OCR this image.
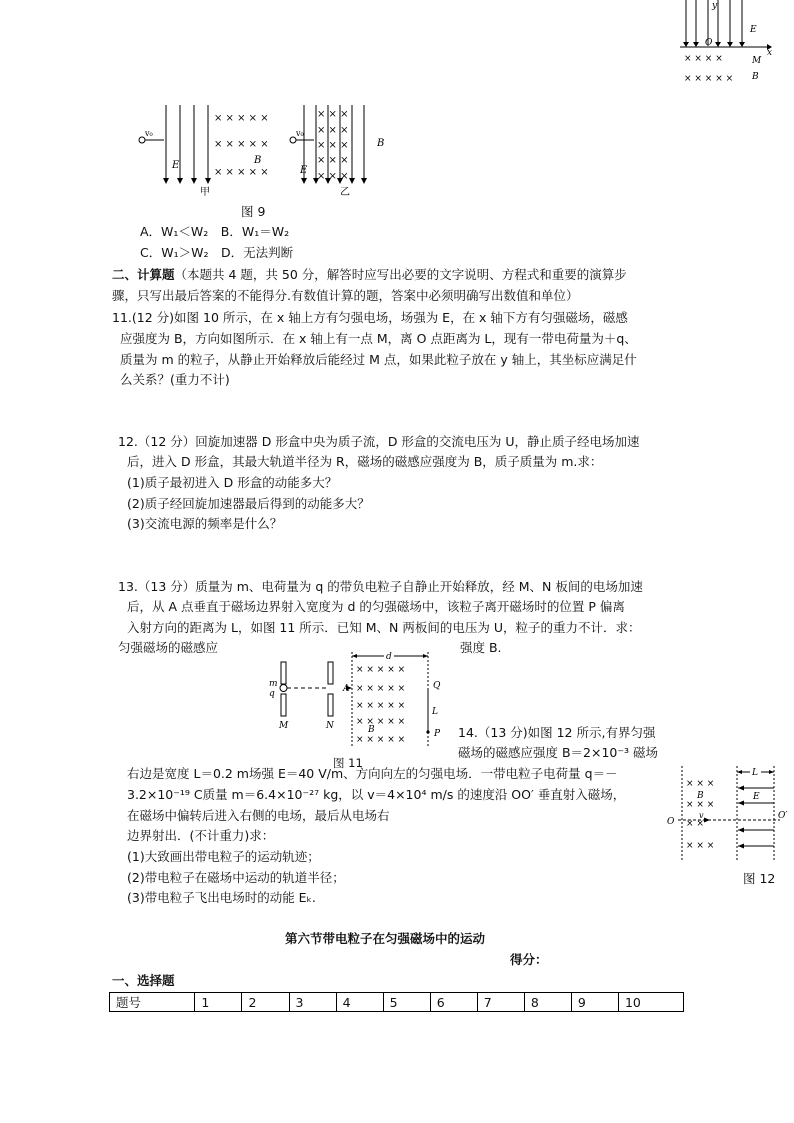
y
E
O
x
M
B
× × × ×
× × × × ×
v₀
E
× × × × ×
× × × × ×
B
× × × × ×
甲
v₀
× × ×
× × ×
× × ×	B
× × ×
E
× × ×
乙
图 9
A．W₁＜W₂　B．W₁＝W₂
C．W₁＞W₂　D．无法判断
二、计算题（本题共 4 题，共 50 分，解答时应写出必要的文字说明、方程式和重要的演算步
骤，只写出最后答案的不能得分.有数值计算的题，答案中必须明确写出数值和单位）
11.(12 分)如图 10 所示，在 x 轴上方有匀强电场，场强为 E，在 x 轴下方有匀强磁场，磁感
应强度为 B，方向如图所示．在 x 轴上有一点 M，离 O 点距离为 L，现有一带电荷量为＋q、
质量为 m 的粒子，从静止开始释放后能经过 M 点，如果此粒子放在 y 轴上，其坐标应满足什
么关系？(重力不计)
12.（12 分）回旋加速器 D 形盒中央为质子流，D 形盒的交流电压为 U，静止质子经电场加速
后，进入 D 形盒，其最大轨道半径为 R，磁场的磁感应强度为 B，质子质量为 m.求：
(1)质子最初进入 D 形盒的动能多大？
(2)质子经回旋加速器最后得到的动能多大？
(3)交流电源的频率是什么？
13.（13 分）质量为 m、电荷量为 q 的带负电粒子自静止开始释放，经 M、N 板间的电场加速
后，从 A 点垂直于磁场边界射入宽度为 d 的匀强磁场中，该粒子离开磁场时的位置 P 偏离
入射方向的距离为 L，如图 11 所示．已知 M、N 两板间的电压为 U，粒子的重力不计．求：
匀强磁场的磁感应	强度 B.
m
q
M	N
A
d
Q
L
B	P
× × × × ×
× × × × ×
× × × × ×
× × × × ×
× × × × ×
图 11
14.（13 分)如图 12 所示,有界匀强
磁场的磁感应强度 B＝2×10⁻³ 磁场
右边是宽度 L＝0.2 m场强 E＝40 V/m、方向向左的匀强电场．一带电粒子电荷量 q＝－
3.2×10⁻¹⁹ C质量 m＝6.4×10⁻²⁷ kg，以 v＝4×10⁴ m/s 的速度沿 OO′ 垂直射入磁场，
在磁场中偏转后进入右侧的电场，最后从电场右
边界射出．(不计重力)求：
(1)大致画出带电粒子的运动轨迹；
(2)带电粒子在磁场中运动的轨道半径；
(3)带电粒子飞出电场时的动能 Eₖ.
L
B	E
O
v	O′
× × ×
× × ×
× ×
× × ×
图 12
第六节带电粒子在匀强磁场中的运动
得分：
一、选择题
题号	1	2	3	4	5	6	7	8	9	10
